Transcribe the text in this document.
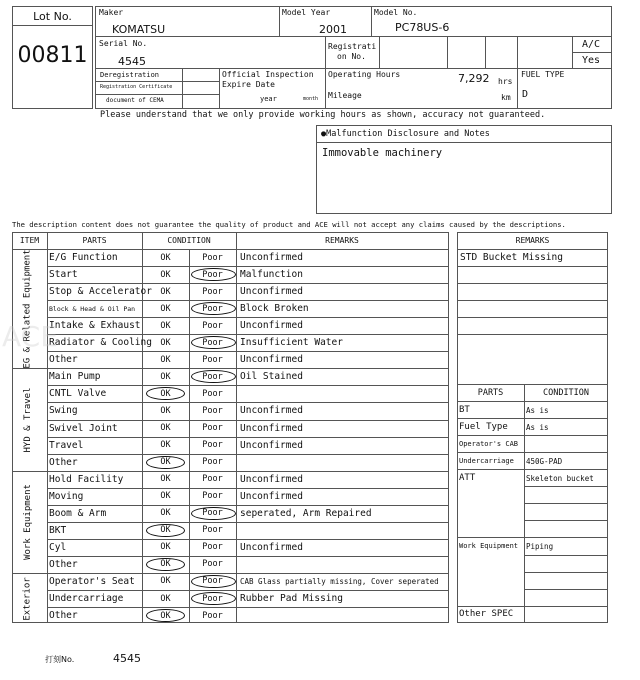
Lot No.
00811
Maker
KOMATSU
Model Year
2001
Model No.
PC78US-6
Serial No.
4545
Registrati
on No.
A/C
Yes
Deregistration
Registration Certificate
document of CEMA
Official Inspection
Expire Date
year	month
Operating Hours	7,292 hrs
Mileage	km
FUEL TYPE
D
Please understand that we only provide working hours as shown, accuracy not guaranteed.
●Malfunction Disclosure and Notes
Immovable machinery
The description content does not guarantee the quality of product and ACE will not accept any claims caused by the descriptions.
E/G Function	OK	Poor	Unconfirmed
Start	OK	Poor	Malfunction
Stop & Accelerator OK	Poor	Unconfirmed
Block & Head & Oil Pan	OK	Poor	Block Broken
Intake & Exhaust	OK	Poor	Unconfirmed
Radiator & Cooling OK	Poor	Insufficient Water
Other	OK	Poor	Unconfirmed
EG & Related Equipment
Main Pump	OK	Poor	Oil Stained
CNTL Valve	OK	Poor
Swing	OK	Poor	Unconfirmed
Swivel Joint	OK	Poor	Unconfirmed
Travel	OK	Poor	Unconfirmed
Other	OK	Poor
HYD & Travel
Hold Facility	OK	Poor	Unconfirmed
Moving	OK	Poor	Unconfirmed
Boom & Arm	OK	Poor	seperated, Arm Repaired
BKT	OK	Poor
Cyl	OK	Poor	Unconfirmed
Other	OK	Poor
Work Equipment
Operator's Seat	OK	Poor	CAB Glass partially missing, Cover seperated
Undercarriage	OK	Poor	Rubber Pad Missing
Other	OK	Poor
Exterior
ITEM	PARTS	CONDITION	REMARKS	REMARKS
STD Bucket Missing
PARTS	CONDITION
BT	As is
Fuel Type	As is
Operator's CAB
Undercarriage	450G-PAD
ATT	Skeleton bucket
Work Equipment	Piping
Other SPEC
打刻No.	4545
ACE
